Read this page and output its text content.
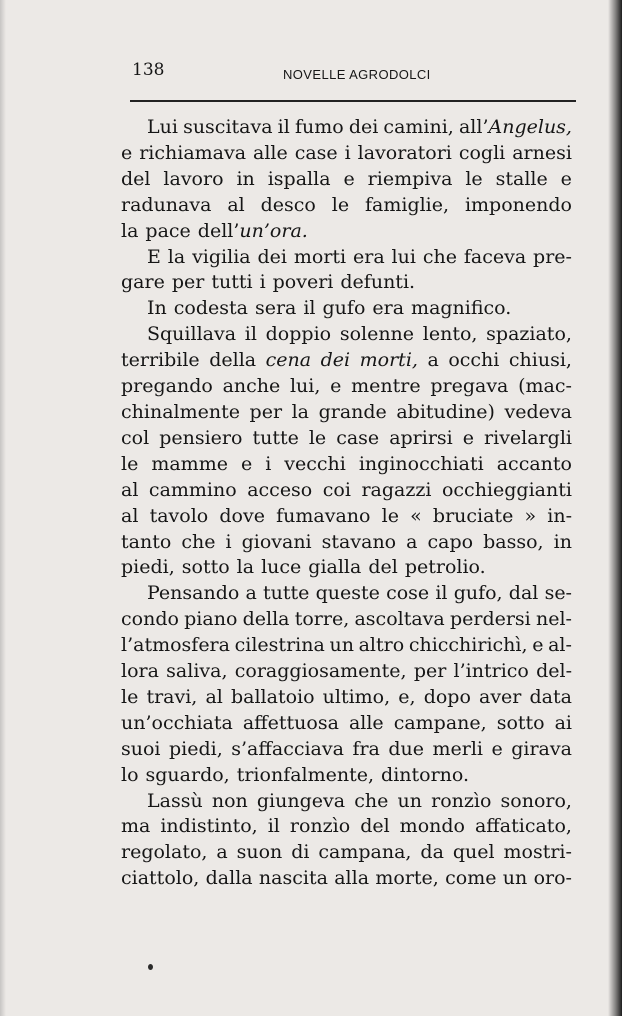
138	NOVELLE AGRODOLCI
Lui suscitava il fumo dei camini, all’Angelus,
e richiamava alle case i lavoratori cogli arnesi
del lavoro in ispalla e riempiva le stalle e
radunava al desco le famiglie, imponendo
la pace dell’un’ora.
E la vigilia dei morti era lui che faceva pre-
gare per tutti i poveri defunti.
In codesta sera il gufo era magnifico.
Squillava il doppio solenne lento, spaziato,
terribile della cena dei morti, a occhi chiusi,
pregando anche lui, e mentre pregava (mac-
chinalmente per la grande abitudine) vedeva
col pensiero tutte le case aprirsi e rivelargli
le mamme e i vecchi inginocchiati accanto
al cammino acceso coi ragazzi occhieggianti
al tavolo dove fumavano le « bruciate » in-
tanto che i giovani stavano a capo basso, in
piedi, sotto la luce gialla del petrolio.
Pensando a tutte queste cose il gufo, dal se-
condo piano della torre, ascoltava perdersi nel-
l’atmosfera cilestrina un altro chicchirichì, e al-
lora saliva, coraggiosamente, per l’intrico del-
le travi, al ballatoio ultimo, e, dopo aver data
un’occhiata affettuosa alle campane, sotto ai
suoi piedi, s’affacciava fra due merli e girava
lo sguardo, trionfalmente, dintorno.
Lassù non giungeva che un ronzìo sonoro,
ma indistinto, il ronzìo del mondo affaticato,
regolato, a suon di campana, da quel mostri-
ciattolo, dalla nascita alla morte, come un oro-
